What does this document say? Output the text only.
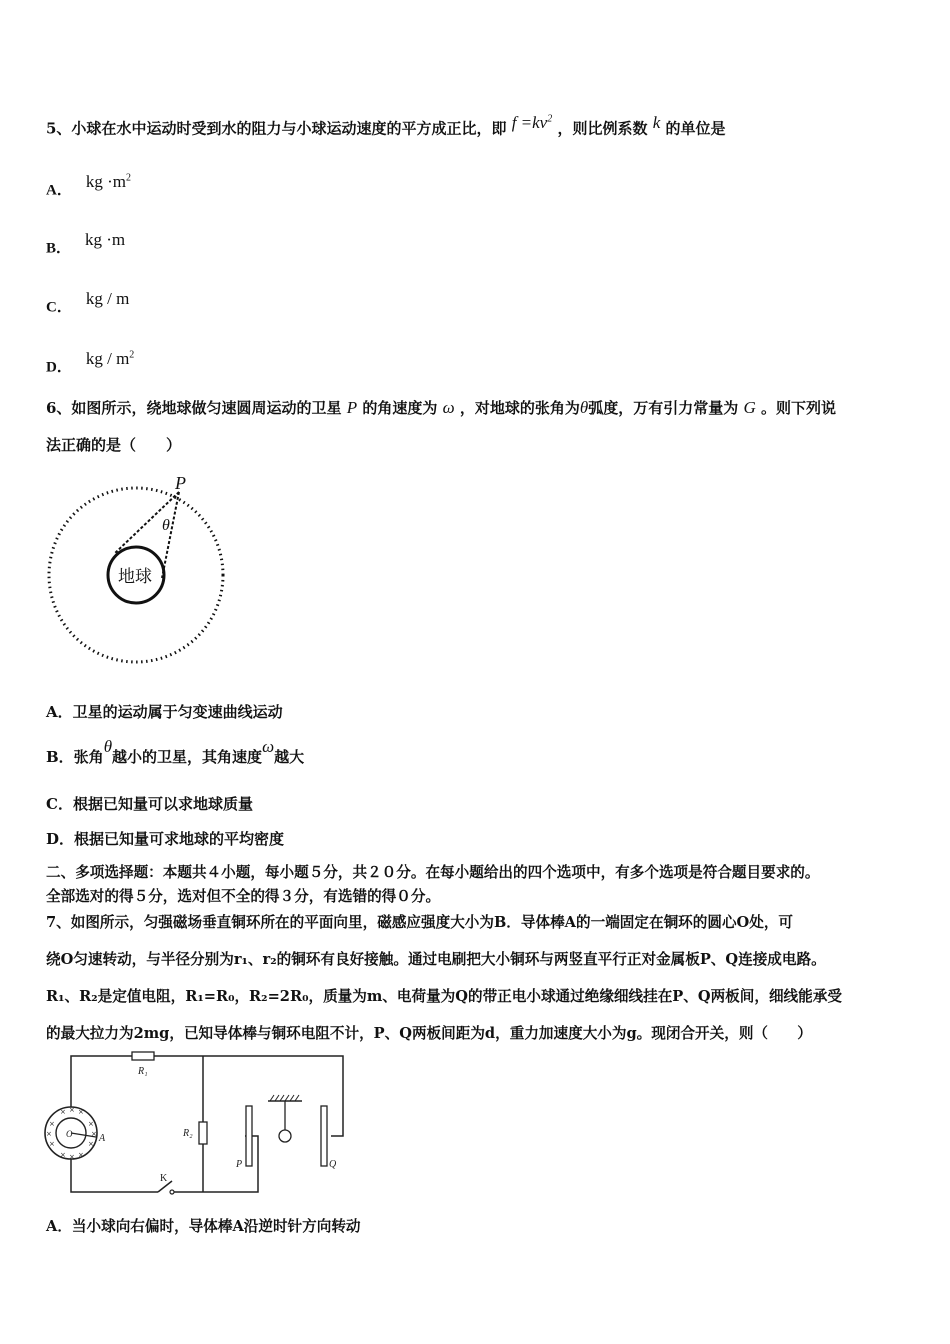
5、小球在水中运动时受到水的阻力与小球运动速度的平方成正比，即 $f =kv^2$ ，则比例系数 k 的单位是
A． kg $\cdot m^2$
B． kg ·m
C． kg / m
D． kg / $m^2$
6、如图所示，绕地球做匀速圆周运动的卫星 P 的角速度为 ω ，对地球的张角为θ弧度，万有引力常量为 G 。则下列说
法正确的是（　　）
P
θ
地球
A．卫星的运动属于匀变速曲线运动
B．张角θ越小的卫星，其角速度ω越大
C．根据已知量可以求地球质量
D．根据已知量可求地球的平均密度
二、多项选择题：本题共４小题，每小题５分，共２０分。在每小题给出的四个选项中，有多个选项是符合题目要求的。
全部选对的得５分，选对但不全的得３分，有选错的得０分。
7、如图所示，匀强磁场垂直铜环所在的平面向里，磁感应强度大小为B．导体棒A的一端固定在铜环的圆心O处，可
绕O匀速转动，与半径分别为r₁、r₂的铜环有良好接触。通过电刷把大小铜环与两竖直平行正对金属板P、Q连接成电路。
R₁、R₂是定值电阻，R₁=R₀，R₂=2R₀，质量为m、电荷量为Q的带正电小球通过绝缘细线挂在P、Q两板间，细线能承受
的最大拉力为2mg，已知导体棒与铜环电阻不计，P、Q两板间距为d，重力加速度大小为g。现闭合开关，则（　　）
× × ×
×	×
×	×
×	×
× × ×
O	A
R₁
R₂
K
P	Q
A．当小球向右偏时，导体棒A沿逆时针方向转动
